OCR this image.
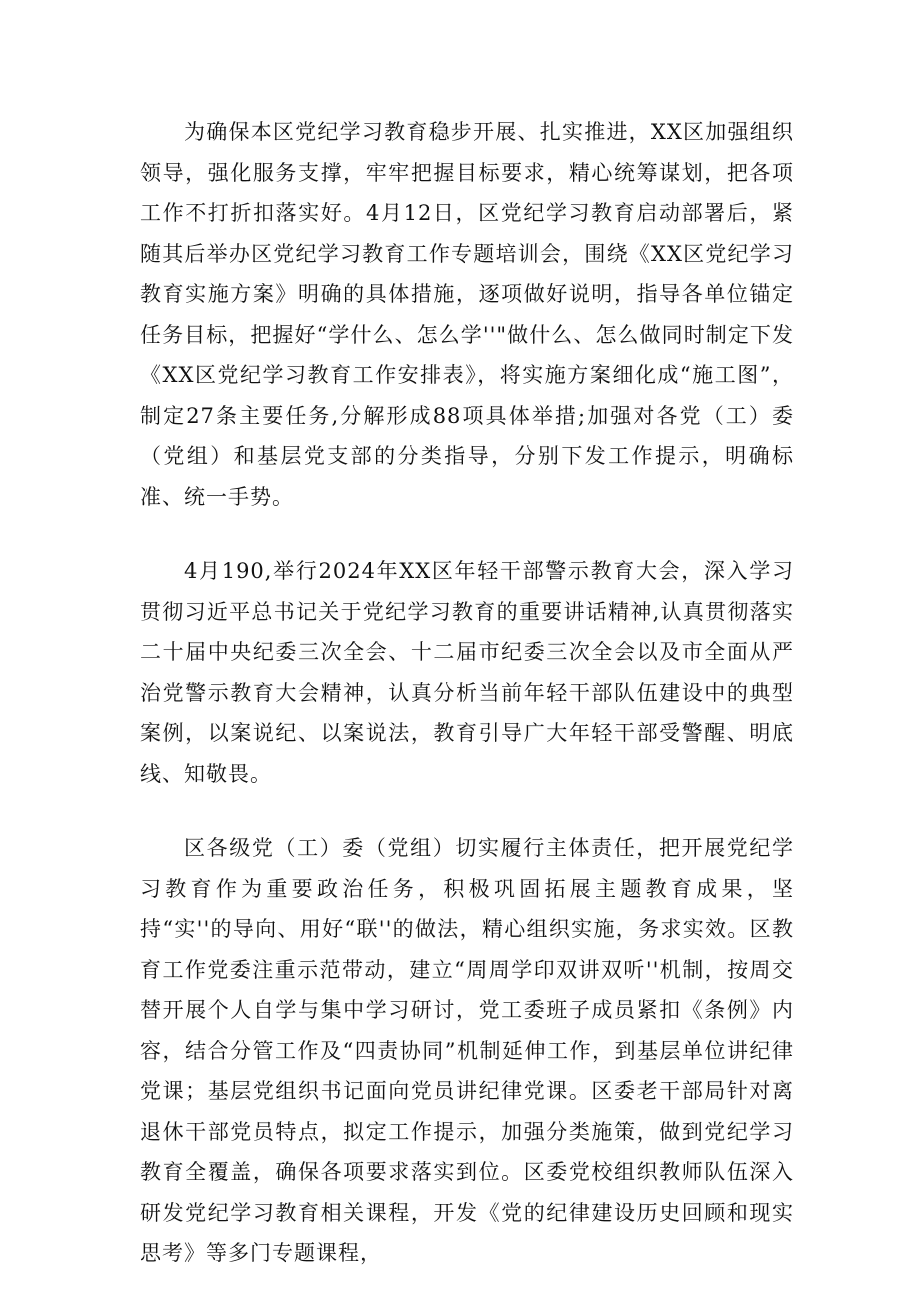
为确保本区党纪学习教育稳步开展、扎实推进，XX区加强组织领导，强化服务支撑，牢牢把握目标要求，精心统筹谋划，把各项工作不打折扣落实好。4月12日，区党纪学习教育启动部署后，紧随其后举办区党纪学习教育工作专题培训会，围绕《XX区党纪学习教育实施方案》明确的具体措施，逐项做好说明，指导各单位锚定任务目标，把握好“学什么、怎么学''"做什么、怎么做同时制定下发《XX区党纪学习教育工作安排表》，将实施方案细化成“施工图”，制定27条主要任务,分解形成88项具体举措;加强对各党（工）委（党组）和基层党支部的分类指导，分别下发工作提示，明确标准、统一手势。

4月190,举行2024年XX区年轻干部警示教育大会，深入学习贯彻习近平总书记关于党纪学习教育的重要讲话精神,认真贯彻落实二十届中央纪委三次全会、十二届市纪委三次全会以及市全面从严治党警示教育大会精神，认真分析当前年轻干部队伍建设中的典型案例，以案说纪、以案说法，教育引导广大年轻干部受警醒、明底线、知敬畏。

区各级党（工）委（党组）切实履行主体责任，把开展党纪学习教育作为重要政治任务，积极巩固拓展主题教育成果，坚持“实''的导向、用好“联''的做法，精心组织实施，务求实效。区教育工作党委注重示范带动，建立“周周学印双讲双听''机制，按周交替开展个人自学与集中学习研讨，党工委班子成员紧扣《条例》内容，结合分管工作及“四责协同”机制延伸工作，到基层单位讲纪律党课；基层党组织书记面向党员讲纪律党课。区委老干部局针对离退休干部党员特点，拟定工作提示，加强分类施策，做到党纪学习教育全覆盖，确保各项要求落实到位。区委党校组织教师队伍深入研发党纪学习教育相关课程，开发《党的纪律建设历史回顾和现实思考》等多门专题课程，
